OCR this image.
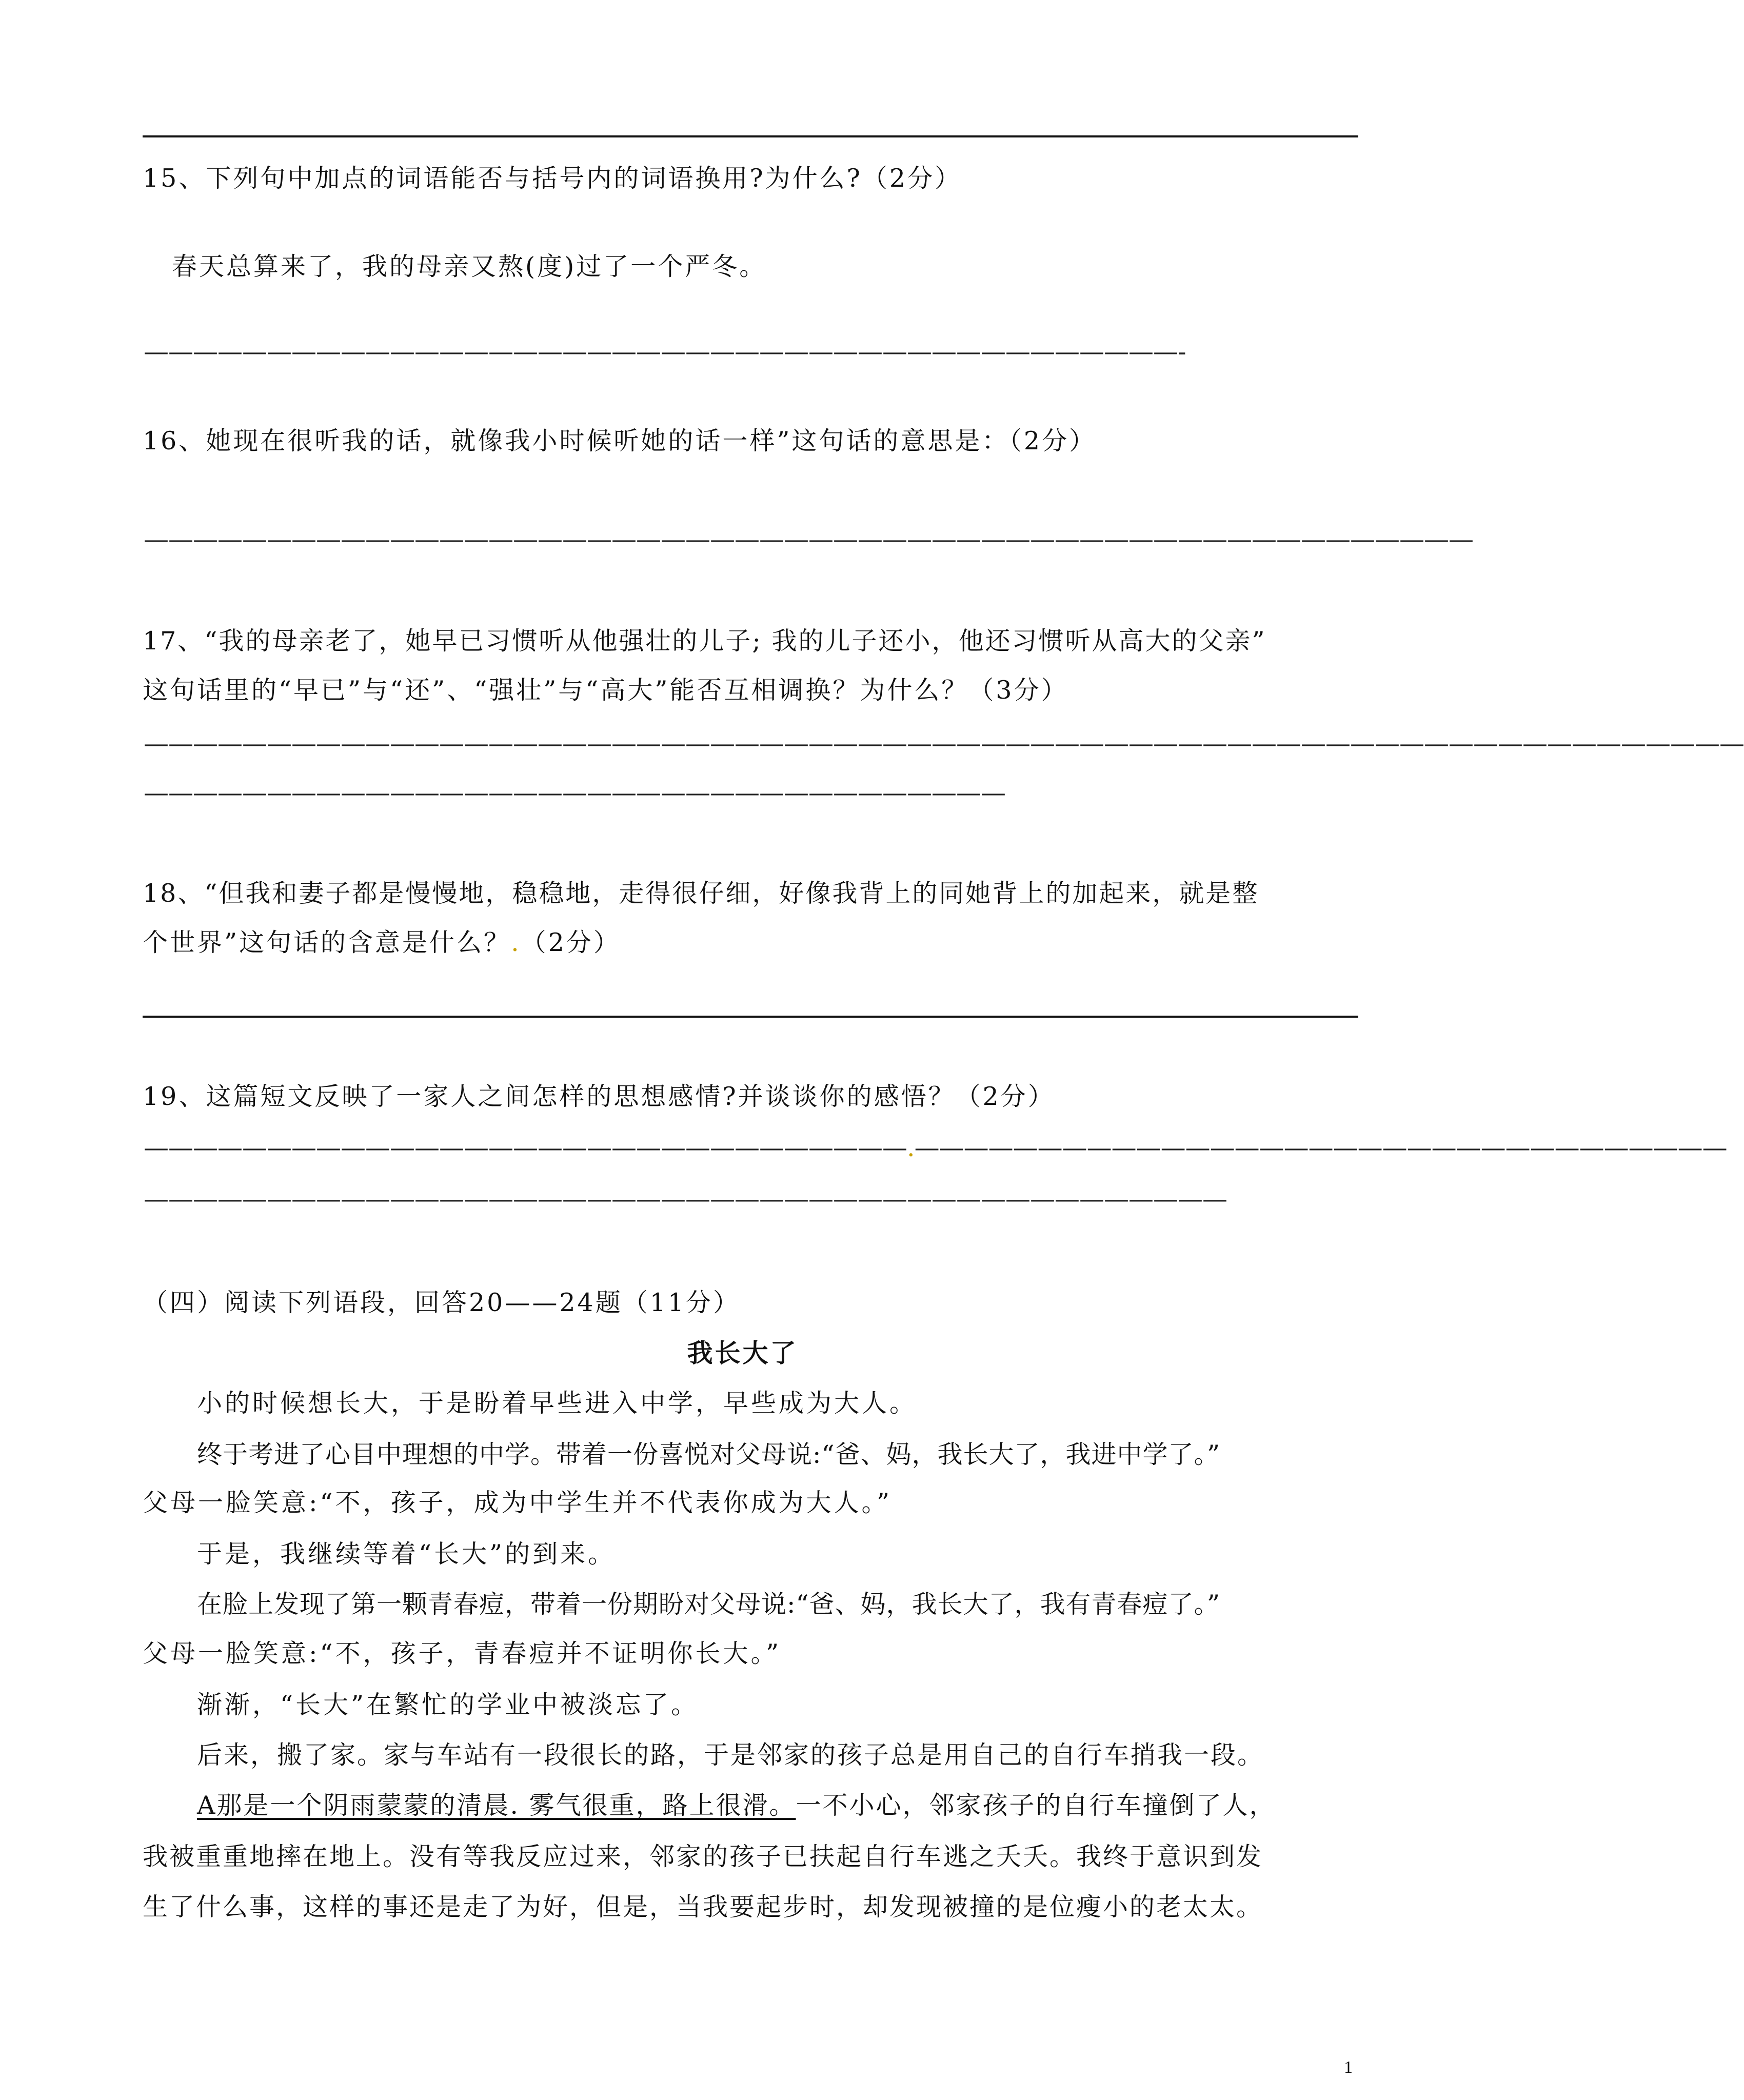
15、下列句中加点的词语能否与括号内的词语换用?为什么?（2分）
春天总算来了，我的母亲又熬(度)过了一个严冬。
——————————————————————————————————————————-
16、她现在很听我的话，就像我小时候听她的话一样”这句话的意思是：（2分）
——————————————————————————————————————————————————————
17、“我的母亲老了，她早已习惯听从他强壮的儿子; 我的儿子还小，他还习惯听从高大的父亲”
这句话里的“早已”与“还”、“强壮”与“高大”能否互相调换？为什么？（3分）
—————————————————————————————————————————————————————————————————
———————————————————————————————————
18、“但我和妻子都是慢慢地，稳稳地，走得很仔细，好像我背上的同她背上的加起来，就是整
个世界”这句话的含意是什么？.（2分）
19、这篇短文反映了一家人之间怎样的思想感情?并谈谈你的感悟？（2分）
———————————————————————————————.—————————————————————————————————
————————————————————————————————————————————
（四）阅读下列语段，回答20——24题（11分）
我长大了
小的时候想长大，于是盼着早些进入中学，早些成为大人。
终于考进了心目中理想的中学。带着一份喜悦对父母说:“爸、妈，我长大了，我进中学了。”
父母一脸笑意:“不，孩子，成为中学生并不代表你成为大人。”
于是，我继续等着“长大”的到来。
在脸上发现了第一颗青春痘，带着一份期盼对父母说:“爸、妈，我长大了，我有青春痘了。”
父母一脸笑意:“不，孩子，青春痘并不证明你长大。”
渐渐，“长大”在繁忙的学业中被淡忘了。
后来，搬了家。家与车站有一段很长的路，于是邻家的孩子总是用自己的自行车捎我一段。
A那是一个阴雨蒙蒙的清晨. 雾气很重，路上很滑。一不小心，邻家孩子的自行车撞倒了人，
我被重重地摔在地上。没有等我反应过来，邻家的孩子已扶起自行车逃之夭夭。我终于意识到发
生了什么事，这样的事还是走了为好，但是，当我要起步时，却发现被撞的是位瘦小的老太太。
1
